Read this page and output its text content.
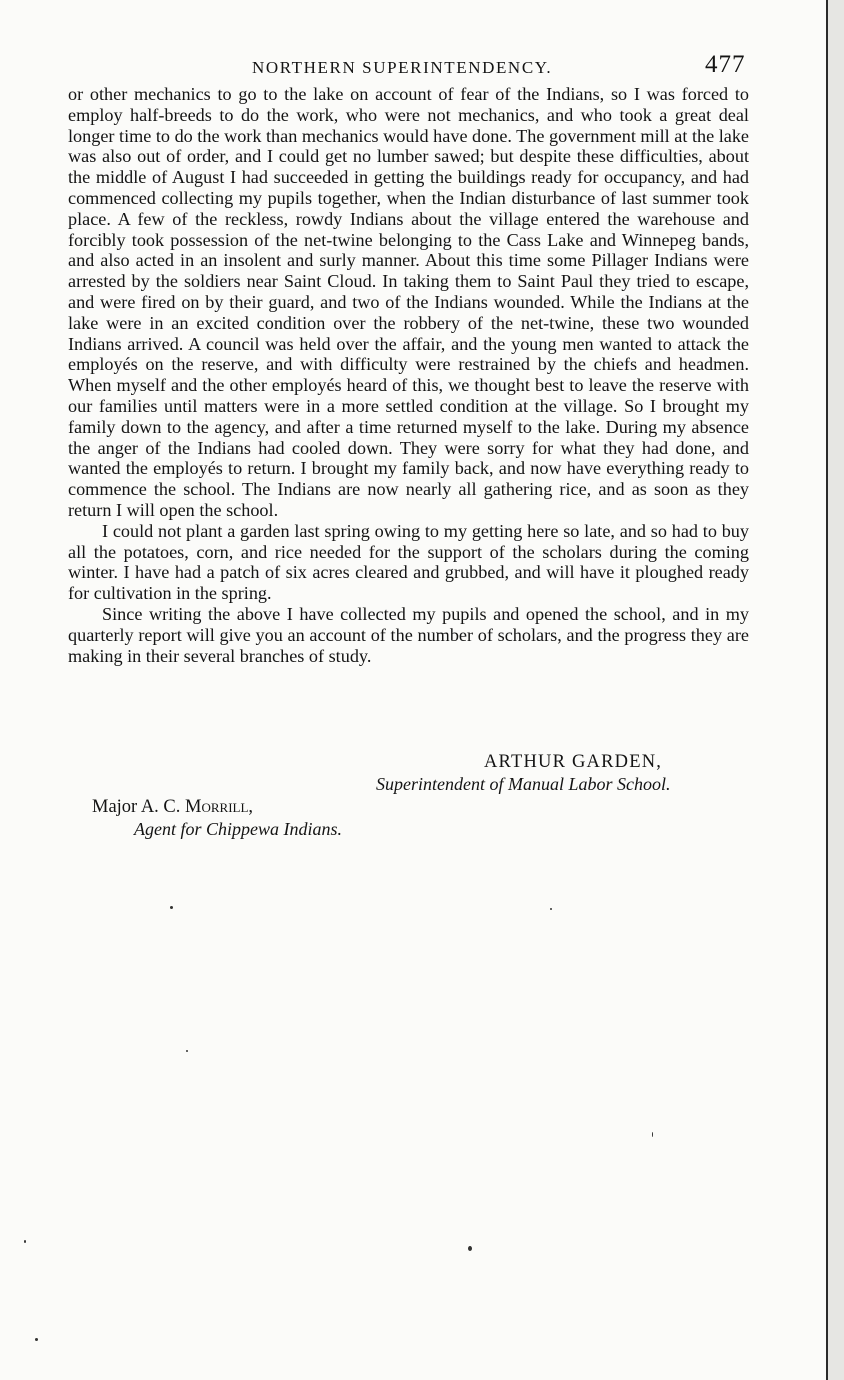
NORTHERN SUPERINTENDENCY.	477

or other mechanics to go to the lake on account of fear of the Indians, so I was forced to employ half-breeds to do the work, who were not mechanics, and who took a great deal longer time to do the work than mechanics would have done. The government mill at the lake was also out of order, and I could get no lumber sawed; but despite these difficulties, about the middle of August I had succeeded in getting the buildings ready for occupancy, and had commenced collecting my pupils together, when the Indian disturbance of last summer took place. A few of the reckless, rowdy Indians about the village entered the warehouse and forcibly took possession of the net-twine belonging to the Cass Lake and Winnepeg bands, and also acted in an insolent and surly manner. About this time some Pillager Indians were arrested by the soldiers near Saint Cloud. In taking them to Saint Paul they tried to escape, and were fired on by their guard, and two of the Indians wounded. While the Indians at the lake were in an excited condition over the robbery of the net-twine, these two wounded Indians arrived. A council was held over the affair, and the young men wanted to attack the employés on the reserve, and with difficulty were restrained by the chiefs and headmen. When myself and the other employés heard of this, we thought best to leave the reserve with our families until matters were in a more settled condition at the village. So I brought my family down to the agency, and after a time returned myself to the lake. During my absence the anger of the Indians had cooled down. They were sorry for what they had done, and wanted the employés to return. I brought my family back, and now have everything ready to commence the school. The Indians are now nearly all gathering rice, and as soon as they return I will open the school.

I could not plant a garden last spring owing to my getting here so late, and so had to buy all the potatoes, corn, and rice needed for the support of the scholars during the coming winter. I have had a patch of six acres cleared and grubbed, and will have it ploughed ready for cultivation in the spring.

Since writing the above I have collected my pupils and opened the school, and in my quarterly report will give you an account of the number of scholars, and the progress they are making in their several branches of study.

ARTHUR GARDEN,
Superintendent of Manual Labor School.
Major A. C. Morrill,
Agent for Chippewa Indians.
